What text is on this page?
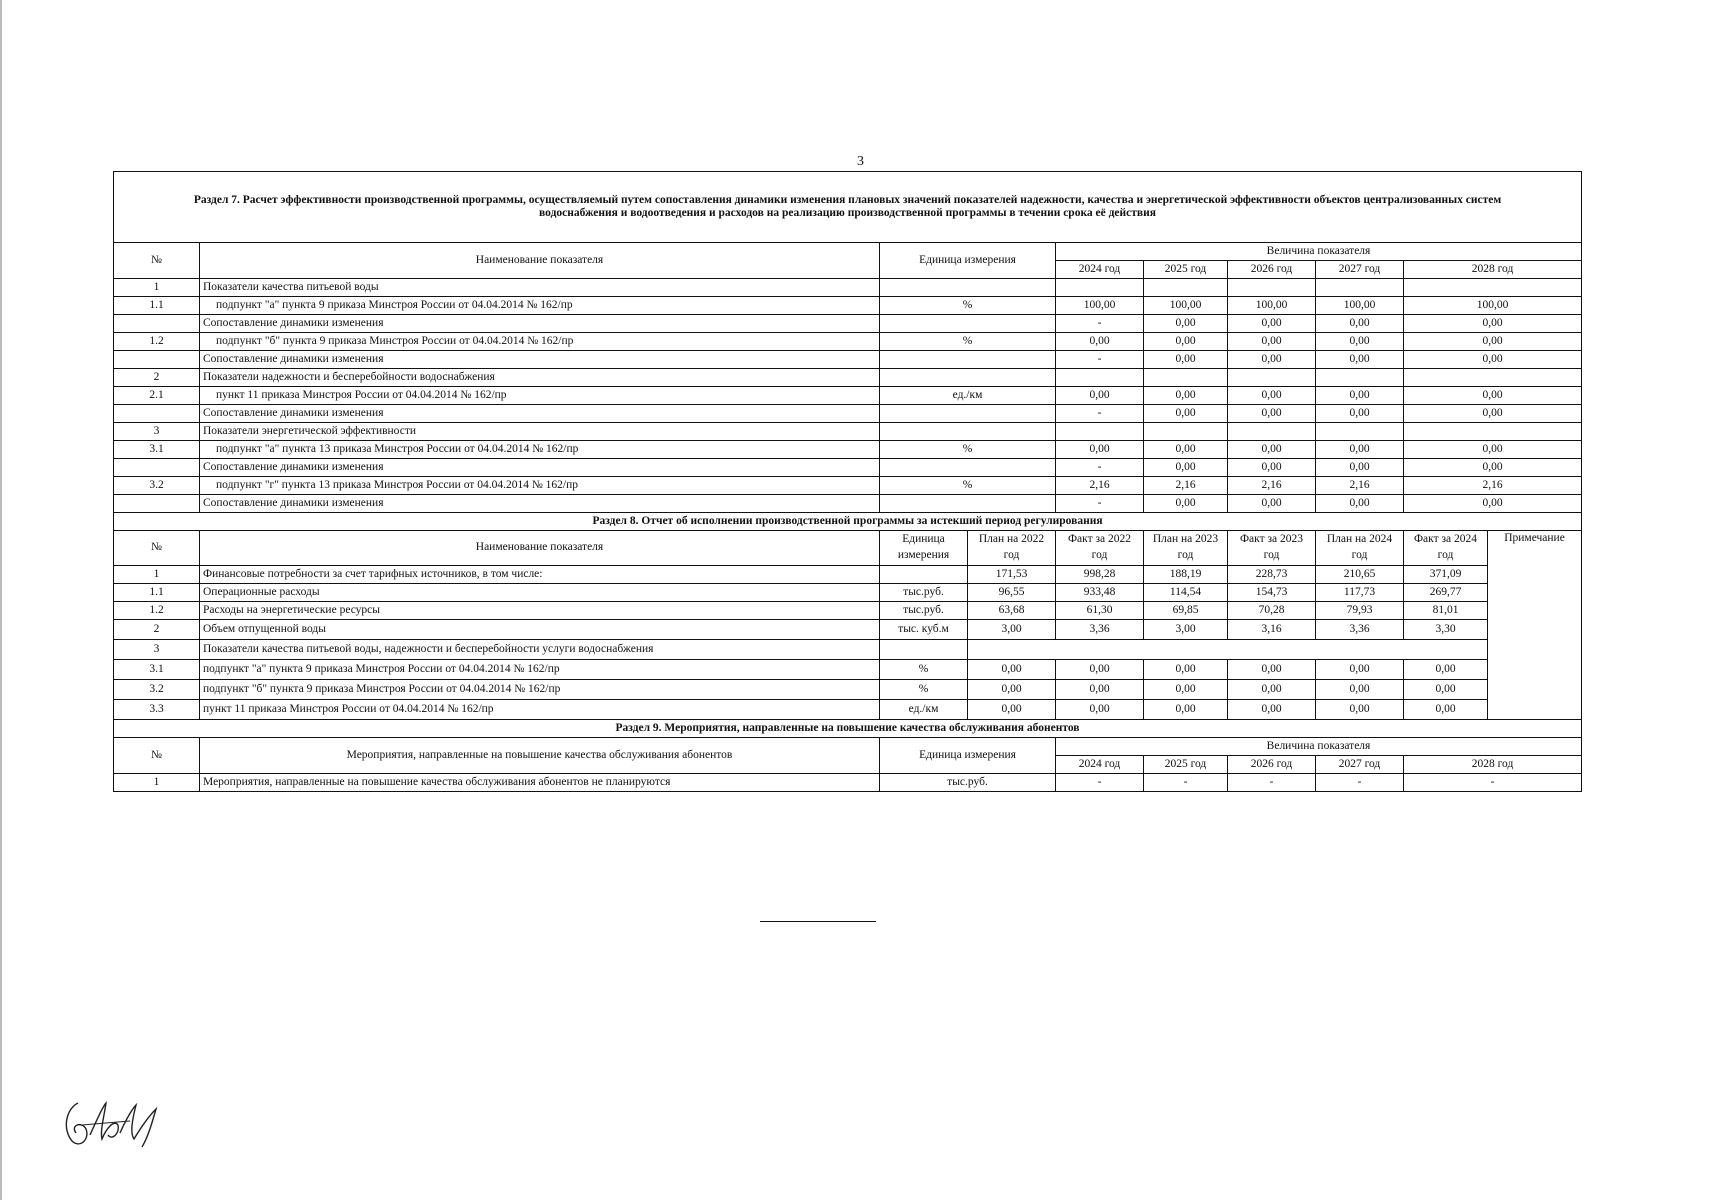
3
Раздел 7. Расчет эффективности производственной программы, осуществляемый путем сопоставления динамики изменения плановых значений показателей надежности, качества и энергетической эффективности объектов централизованных систем водоснабжения и водоотведения и расходов на реализацию производственной программы в течении срока её действия									
№	Наименование показателя	Единица измерения		Величина показателя					
				2024 год	2025 год	2026 год	2027 год	2028 год	
1	Показатели качества питьевой воды								
1.1	подпункт "а" пункта 9 приказа Минстроя России от 04.04.2014 № 162/пр	%		100,00	100,00	100,00	100,00	100,00	
	Сопоставление динамики изменения			-	0,00	0,00	0,00	0,00	
1.2	подпункт "б" пункта 9 приказа Минстроя России от 04.04.2014 № 162/пр	%		0,00	0,00	0,00	0,00	0,00	
	Сопоставление динамики изменения			-	0,00	0,00	0,00	0,00	
2	Показатели надежности и бесперебойности водоснабжения								
2.1	пункт 11 приказа Минстроя России от 04.04.2014 № 162/пр	ед./км		0,00	0,00	0,00	0,00	0,00	
	Сопоставление динамики изменения			-	0,00	0,00	0,00	0,00	
3	Показатели энергетической эффективности								
3.1	подпункт "а" пункта 13 приказа Минстроя России от 04.04.2014 № 162/пр	%		0,00	0,00	0,00	0,00	0,00	
	Сопоставление динамики изменения			-	0,00	0,00	0,00	0,00	
3.2	подпункт "г" пункта 13 приказа Минстроя России от 04.04.2014 № 162/пр	%		2,16	2,16	2,16	2,16	2,16	
	Сопоставление динамики изменения			-	0,00	0,00	0,00	0,00	
Раздел 8. Отчет об исполнении производственной программы за истекший период регулирования									
№	Наименование показателя	Единица измерения	План на 2022 год	Факт за 2022 год	План на 2023 год	Факт за 2023 год	План на 2024 год	Факт за 2024 год	Примечание
1	Финансовые потребности за счет тарифных источников, в том числе:		171,53	998,28	188,19	228,73	210,65	371,09	
1.1	Операционные расходы	тыс.руб.	96,55	933,48	114,54	154,73	117,73	269,77	
1.2	Расходы на энергетические ресурсы	тыс.руб.	63,68	61,30	69,85	70,28	79,93	81,01	
2	Объем отпущенной воды	тыс. куб.м	3,00	3,36	3,00	3,16	3,36	3,30	
3	Показатели качества питьевой воды, надежности и бесперебойности услуги водоснабжения								
3.1	подпункт "а" пункта 9 приказа Минстроя России от 04.04.2014 № 162/пр	%	0,00	0,00	0,00	0,00	0,00	0,00	
3.2	подпункт "б" пункта 9 приказа Минстроя России от 04.04.2014 № 162/пр	%	0,00	0,00	0,00	0,00	0,00	0,00	
3.3	пункт 11 приказа Минстроя России от 04.04.2014 № 162/пр	ед./км	0,00	0,00	0,00	0,00	0,00	0,00	
Раздел 9. Мероприятия, направленные на повышение качества обслуживания абонентов									
№	Мероприятия, направленные на повышение качества обслуживания абонентов	Единица измерения		Величина показателя					
				2024 год	2025 год	2026 год	2027 год	2028 год	
1	Мероприятия, направленные на повышение качества обслуживания абонентов не планируются	тыс.руб.		-	-	-	-	-	
